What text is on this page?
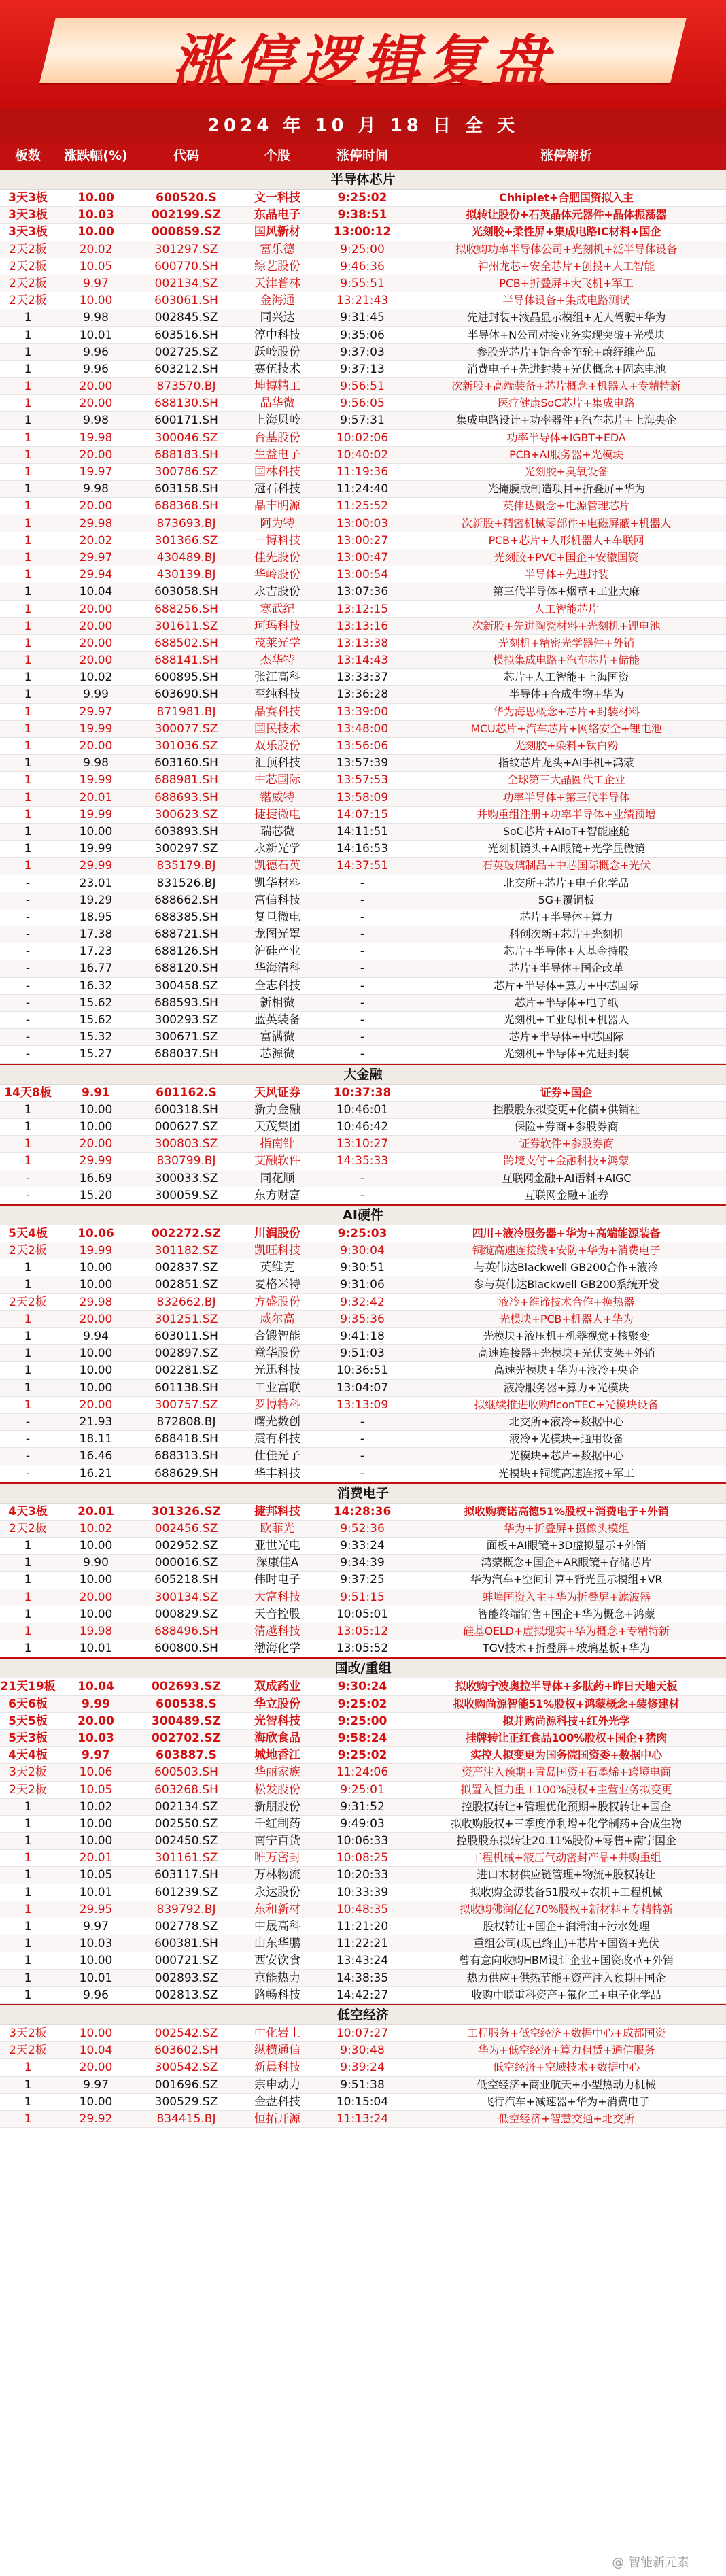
涨停逻辑复盘
2024 年 10 月 18 日 全 天
板数	涨跌幅(%)	代码	个股	涨停时间	涨停解析
半导体芯片
3天3板	10.00	600520.S	文一科技	9:25:02	Chhiplet+合肥国资拟入主
3天3板	10.03	002199.SZ	东晶电子	9:38:51	拟转让股份+石英晶体元器件+晶体振荡器
3天3板	10.00	000859.SZ	国风新材	13:00:12	光刻胶+柔性屏+集成电路IC材料+国企
2天2板	20.02	301297.SZ	富乐德	9:25:00	拟收购功率半导体公司+光刻机+泛半导体设备
2天2板	10.05	600770.SH	综艺股份	9:46:36	神州龙芯+安全芯片+创投+人工智能
2天2板	9.97	002134.SZ	天津普林	9:55:51	PCB+折叠屏+大飞机+军工
2天2板	10.00	603061.SH	金海通	13:21:43	半导体设备+集成电路测试
1	9.98	002845.SZ	同兴达	9:31:45	先进封装+液晶显示模组+无人驾驶+华为
1	10.01	603516.SH	淳中科技	9:35:06	半导体+N公司对接业务实现突破+光模块
1	9.96	002725.SZ	跃岭股份	9:37:03	参股光芯片+铝合金车轮+蔚纾维产品
1	9.96	603212.SH	赛伍技术	9:37:13	消费电子+先进封装+光伏概念+固态电池
1	20.00	873570.BJ	坤博精工	9:56:51	次新股+高端装备+芯片概念+机器人+专精特新
1	20.00	688130.SH	晶华微	9:56:05	医疗健康SoC芯片+集成电路
1	9.98	600171.SH	上海贝岭	9:57:31	集成电路设计+功率器件+汽车芯片+上海央企
1	19.98	300046.SZ	台基股份	10:02:06	功率半导体+IGBT+EDA
1	20.00	688183.SH	生益电子	10:40:02	PCB+AI服务器+光模块
1	19.97	300786.SZ	国林科技	11:19:36	光刻胶+臭氧设备
1	9.98	603158.SH	冠石科技	11:24:40	光掩膜版制造项目+折叠屏+华为
1	20.00	688368.SH	晶丰明源	11:25:52	英伟达概念+电源管理芯片
1	29.98	873693.BJ	阿为特	13:00:03	次新股+精密机械零部件+电磁屏蔽+机器人
1	20.02	301366.SZ	一博科技	13:00:27	PCB+芯片+人形机器人+车联网
1	29.97	430489.BJ	佳先股份	13:00:47	光刻胶+PVC+国企+安徽国资
1	29.94	430139.BJ	华岭股份	13:00:54	半导体+先进封装
1	10.04	603058.SH	永吉股份	13:07:36	第三代半导体+烟草+工业大麻
1	20.00	688256.SH	寒武纪	13:12:15	人工智能芯片
1	20.00	301611.SZ	珂玛科技	13:13:16	次新股+先进陶瓷材料+光刻机+锂电池
1	20.00	688502.SH	茂莱光学	13:13:38	光刻机+精密光学器件+外销
1	20.00	688141.SH	杰华特	13:14:43	模拟集成电路+汽车芯片+储能
1	10.02	600895.SH	张江高科	13:33:37	芯片+人工智能+上海国资
1	9.99	603690.SH	至纯科技	13:36:28	半导体+合成生物+华为
1	29.97	871981.BJ	晶赛科技	13:39:00	华为海思概念+芯片+封装材料
1	19.99	300077.SZ	国民技术	13:48:00	MCU芯片+汽车芯片+网络安全+锂电池
1	20.00	301036.SZ	双乐股份	13:56:06	光刻胶+染料+钛白粉
1	9.98	603160.SH	汇顶科技	13:57:39	指纹芯片龙头+AI手机+鸿蒙
1	19.99	688981.SH	中芯国际	13:57:53	全球第三大晶圆代工企业
1	20.01	688693.SH	锴威特	13:58:09	功率半导体+第三代半导体
1	19.99	300623.SZ	捷捷微电	14:07:15	并购重组注册+功率半导体+业绩预增
1	10.00	603893.SH	瑞芯微	14:11:51	SoC芯片+AIoT+智能座舱
1	19.99	300297.SZ	永新光学	14:16:53	光刻机镜头+AI眼镜+光学显微镜
1	29.99	835179.BJ	凯德石英	14:37:51	石英玻璃制品+中芯国际概念+光伏
-	23.01	831526.BJ	凯华材料	-	北交所+芯片+电子化学品
-	19.29	688662.SH	富信科技	-	5G+覆铜板
-	18.95	688385.SH	复旦微电	-	芯片+半导体+算力
-	17.38	688721.SH	龙图光罩	-	科创次新+芯片+光刻机
-	17.23	688126.SH	沪硅产业	-	芯片+半导体+大基金持股
-	16.77	688120.SH	华海清科	-	芯片+半导体+国企改革
-	16.32	300458.SZ	全志科技	-	芯片+半导体+算力+中芯国际
-	15.62	688593.SH	新相微	-	芯片+半导体+电子纸
-	15.62	300293.SZ	蓝英装备	-	光刻机+工业母机+机器人
-	15.32	300671.SZ	富满微	-	芯片+半导体+中芯国际
-	15.27	688037.SH	芯源微	-	光刻机+半导体+先进封装
大金融
14天8板	9.91	601162.S	天风证券	10:37:38	证券+国企
1	10.00	600318.SH	新力金融	10:46:01	控股股东拟变更+化债+供销社
1	10.00	000627.SZ	天茂集团	10:46:42	保险+券商+参股券商
1	20.00	300803.SZ	指南针	13:10:27	证券软件+参股券商
1	29.99	830799.BJ	艾融软件	14:35:33	跨境支付+金融科技+鸿蒙
-	16.69	300033.SZ	同花顺	-	互联网金融+AI语料+AIGC
-	15.20	300059.SZ	东方财富	-	互联网金融+证券
AI硬件
5天4板	10.06	002272.SZ	川润股份	9:25:03	四川+液冷服务器+华为+高端能源装备
2天2板	19.99	301182.SZ	凯旺科技	9:30:04	铜缆高速连接线+安防+华为+消费电子
1	10.00	002837.SZ	英维克	9:30:51	与英伟达Blackwell GB200合作+液冷
1	10.00	002851.SZ	麦格米特	9:31:06	参与英伟达Blackwell GB200系统开发
2天2板	29.98	832662.BJ	方盛股份	9:32:42	液冷+维谛技术合作+换热器
1	20.00	301251.SZ	威尔高	9:35:36	光模块+PCB+机器人+华为
1	9.94	603011.SH	合锻智能	9:41:18	光模块+液压机+机器视觉+核聚变
1	10.00	002897.SZ	意华股份	9:51:03	高速连接器+光模块+光伏支架+外销
1	10.00	002281.SZ	光迅科技	10:36:51	高速光模块+华为+液冷+央企
1	10.00	601138.SH	工业富联	13:04:07	液冷服务器+算力+光模块
1	20.00	300757.SZ	罗博特科	13:13:09	拟继续推进收购ficonTEC+光模块设备
-	21.93	872808.BJ	曙光数创	-	北交所+液冷+数据中心
-	18.11	688418.SH	震有科技	-	液冷+光模块+通用设备
-	16.46	688313.SH	仕佳光子	-	光模块+芯片+数据中心
-	16.21	688629.SH	华丰科技	-	光模块+铜缆高速连接+军工
消费电子
4天3板	20.01	301326.SZ	捷邦科技	14:28:36	拟收购赛诺高德51%股权+消费电子+外销
2天2板	10.02	002456.SZ	欧菲光	9:52:36	华为+折叠屏+摄像头模组
1	10.00	002952.SZ	亚世光电	9:33:24	面板+AI眼镜+3D虚拟显示+外销
1	9.90	000016.SZ	深康佳A	9:34:39	鸿蒙概念+国企+AR眼镜+存储芯片
1	10.00	605218.SH	伟时电子	9:37:25	华为汽车+空间计算+背光显示模组+VR
1	20.00	300134.SZ	大富科技	9:51:15	蚌埠国资入主+华为折叠屏+滤波器
1	10.00	000829.SZ	天音控股	10:05:01	智能终端销售+国企+华为概念+鸿蒙
1	19.98	688496.SH	清越科技	13:05:12	硅基OELD+虚拟现实+华为概念+专精特新
1	10.01	600800.SH	渤海化学	13:05:52	TGV技术+折叠屏+玻璃基板+华为
国改/重组
21天19板	10.04	002693.SZ	双成药业	9:30:24	拟收购宁波奥拉半导体+多肽药+昨日天地天板
6天6板	9.99	600538.S	华立股份	9:25:02	拟收购尚源智能51%股权+鸿蒙概念+装修建材
5天5板	20.00	300489.SZ	光智科技	9:25:00	拟并购尚源科技+红外光学
5天3板	10.03	002702.SZ	海欣食品	9:58:24	挂牌转让正红食品100%股权+国企+猪肉
4天4板	9.97	603887.S	城地香江	9:25:02	实控人拟变更为国务院国资委+数据中心
3天2板	10.06	600503.SH	华丽家族	11:24:06	资产注入预期+青岛国资+石墨烯+跨境电商
2天2板	10.05	603268.SH	松发股份	9:25:01	拟置入恒力重工100%股权+主营业务拟变更
1	10.02	002134.SZ	新朋股份	9:31:52	控股权转让+管理优化预期+股权转让+国企
1	10.00	002550.SZ	千红制药	9:49:03	拟收购股权+三季度净利增+化学制药+合成生物
1	10.00	002450.SZ	南宁百货	10:06:33	控股股东拟转让20.11%股份+零售+南宁国企
1	20.01	301161.SZ	唯万密封	10:08:25	工程机械+液压气动密封产品+并购重组
1	10.05	603117.SH	万林物流	10:20:33	进口木材供应链管理+物流+股权转让
1	10.01	601239.SZ	永达股份	10:33:39	拟收购金源装备51股权+农机+工程机械
1	29.95	839792.BJ	东和新材	10:48:35	拟收购佛润亿亿70%股权+新材料+专精特新
1	9.97	002778.SZ	中晟高科	11:21:20	股权转让+国企+润滑油+污水处理
1	10.03	600381.SH	山东华鹏	11:22:21	重组公司(现已终止)+芯片+国资+光伏
1	10.00	000721.SZ	西安饮食	13:43:24	曾有意向收购HBM设计企业+国资改革+外销
1	10.01	002893.SZ	京能热力	14:38:35	热力供应+供热节能+资产注入预期+国企
1	9.96	002813.SZ	路畅科技	14:42:27	收购中联重科资产+氟化工+电子化学品
低空经济
3天2板	10.00	002542.SZ	中化岩土	10:07:27	工程服务+低空经济+数据中心+成都国资
2天2板	10.04	603602.SH	纵横通信	9:30:48	华为+低空经济+算力租赁+通信服务
1	20.00	300542.SZ	新晨科技	9:39:24	低空经济+空域技术+数据中心
1	9.97	001696.SZ	宗申动力	9:51:38	低空经济+商业航天+小型热动力机械
1	10.00	300529.SZ	金盘科技	10:15:04	飞行汽车+减速器+华为+消费电子
1	29.92	834415.BJ	恒拓开源	11:13:24	低空经济+智慧交通+北交所
@ 智能新元素
